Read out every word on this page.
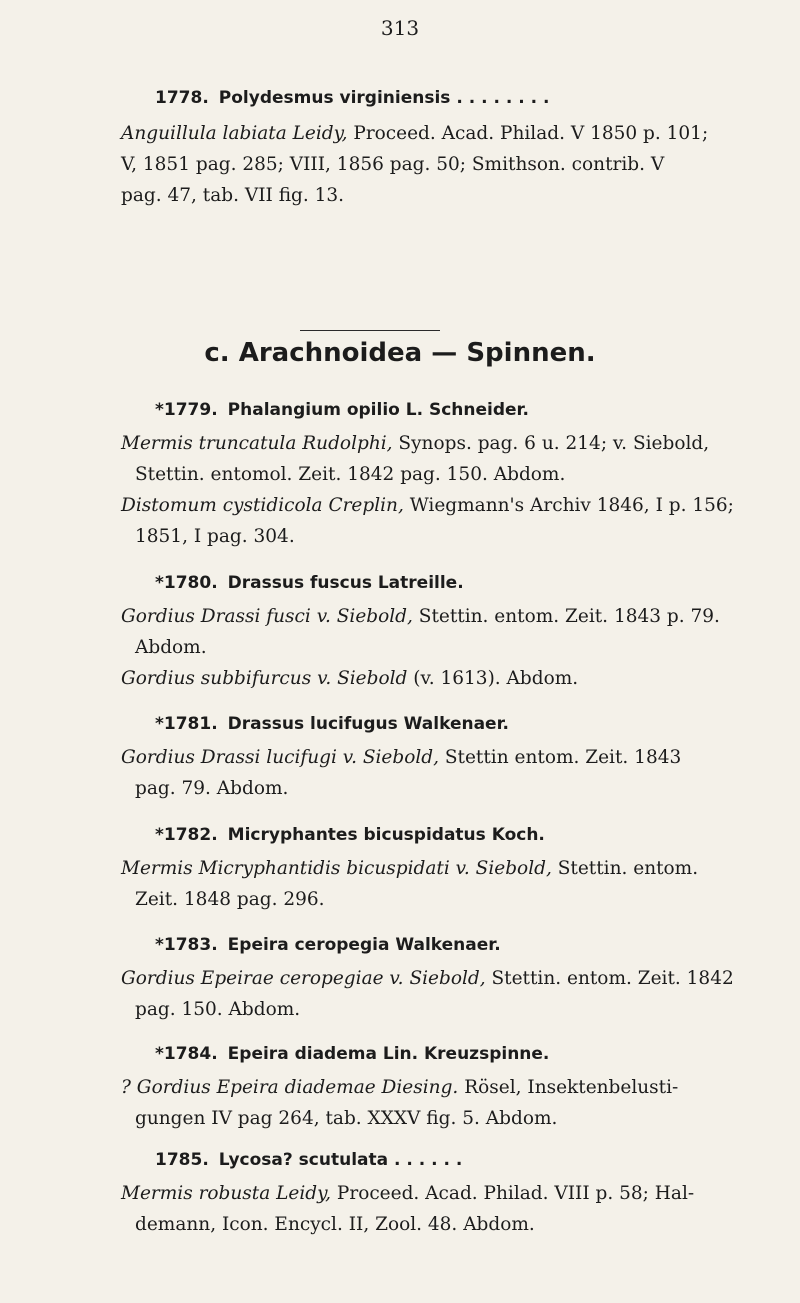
313
1778. Polydesmus virginiensis . . . . . . . .
Anguillula labiata Leidy, Proceed. Acad. Philad. V 1850 p. 101;
V, 1851 pag. 285; VIII, 1856 pag. 50; Smithson. contrib. V
pag. 47, tab. VII fig. 13.
c. Arachnoidea — Spinnen.
*1779. Phalangium opilio L. Schneider.
Mermis truncatula Rudolphi, Synops. pag. 6 u. 214; v. Siebold,
Stettin. entomol. Zeit. 1842 pag. 150. Abdom.
Distomum cystidicola Creplin, Wiegmann's Archiv 1846, I p. 156;
1851, I pag. 304.
*1780. Drassus fuscus Latreille.
Gordius Drassi fusci v. Siebold, Stettin. entom. Zeit. 1843 p. 79.
Abdom.
Gordius subbifurcus v. Siebold (v. 1613). Abdom.
*1781. Drassus lucifugus Walkenaer.
Gordius Drassi lucifugi v. Siebold, Stettin entom. Zeit. 1843
pag. 79. Abdom.
*1782. Micryphantes bicuspidatus Koch.
Mermis Micryphantidis bicuspidati v. Siebold, Stettin. entom.
Zeit. 1848 pag. 296.
*1783. Epeira ceropegia Walkenaer.
Gordius Epeirae ceropegiae v. Siebold, Stettin. entom. Zeit. 1842
pag. 150. Abdom.
*1784. Epeira diadema Lin. Kreuzspinne.
? Gordius Epeira diademae Diesing. Rösel, Insektenbelusti-
gungen IV pag 264, tab. XXXV fig. 5. Abdom.
1785. Lycosa? scutulata . . . . . .
Mermis robusta Leidy, Proceed. Acad. Philad. VIII p. 58; Hal-
demann, Icon. Encycl. II, Zool. 48. Abdom.
